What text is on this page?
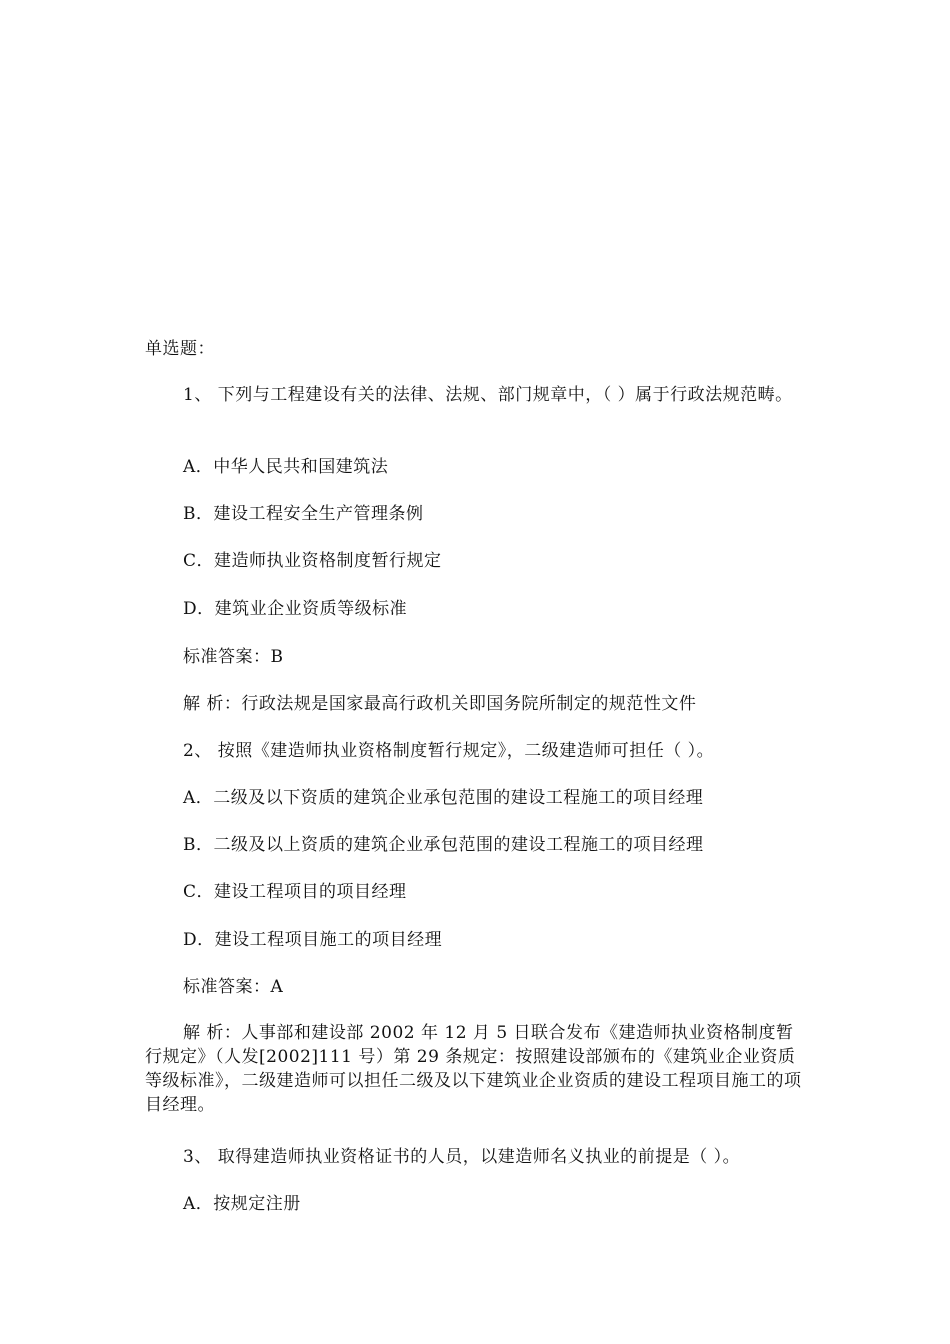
单选题：
1、 下列与工程建设有关的法律、法规、部门规章中，（ ）属于行政法规范畴。
A．中华人民共和国建筑法
B．建设工程安全生产管理条例
C．建造师执业资格制度暂行规定
D．建筑业企业资质等级标准
标准答案：B
解 析：行政法规是国家最高行政机关即国务院所制定的规范性文件
2、 按照《建造师执业资格制度暂行规定》，二级建造师可担任（ ）。
A．二级及以下资质的建筑企业承包范围的建设工程施工的项目经理
B．二级及以上资质的建筑企业承包范围的建设工程施工的项目经理
C．建设工程项目的项目经理
D．建设工程项目施工的项目经理
标准答案：A
解 析：人事部和建设部 2002 年 12 月 5 日联合发布《建造师执业资格制度暂行规定》（人发[2002]111 号）第 29 条规定：按照建设部颁布的《建筑业企业资质等级标准》，二级建造师可以担任二级及以下建筑业企业资质的建设工程项目施工的项目经理。
3、 取得建造师执业资格证书的人员，以建造师名义执业的前提是（ ）。
A．按规定注册
